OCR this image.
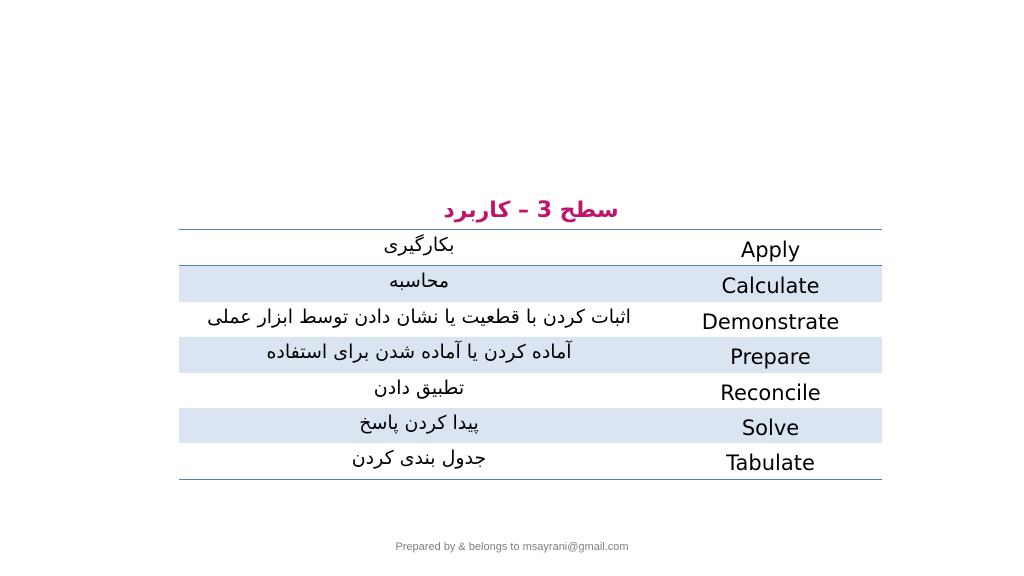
سطح 3 – کاربرد
بکارگیری	Apply
محاسبه	Calculate
اثبات کردن با قطعیت یا نشان دادن توسط ابزار عملی	Demonstrate
آماده کردن یا آماده شدن برای استفاده	Prepare
تطبیق دادن	Reconcile
پیدا کردن پاسخ	Solve
جدول بندی کردن	Tabulate
Prepared by & belongs to msayrani@gmail.com
